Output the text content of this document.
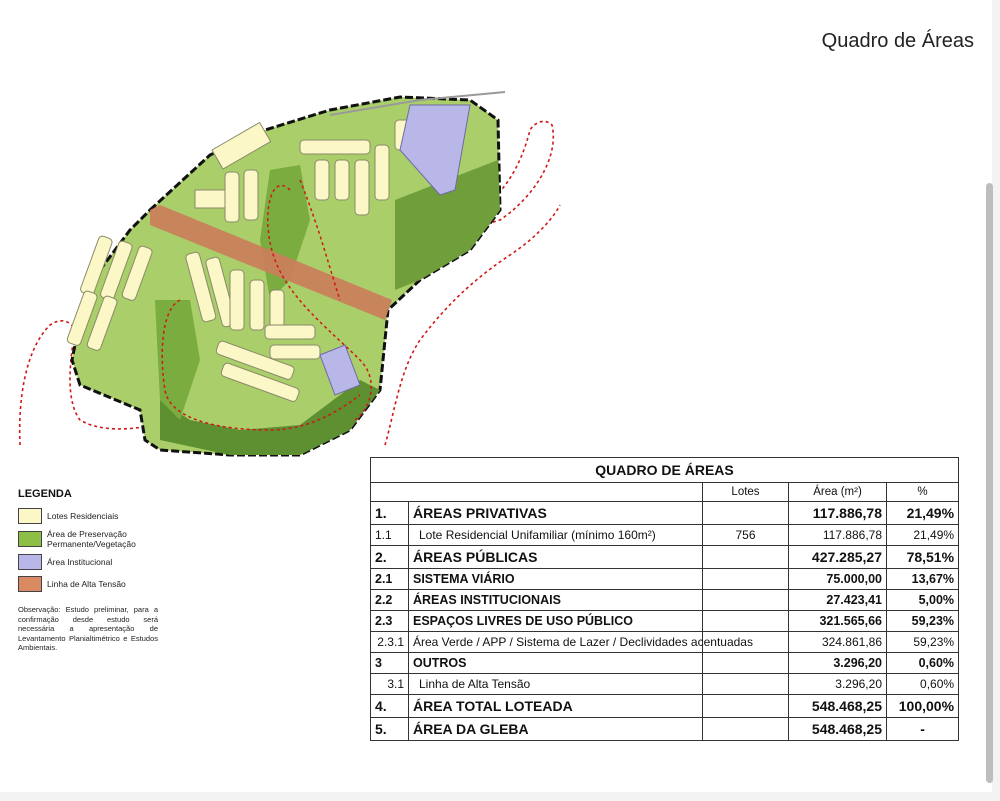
Quadro de Áreas
LEGENDA
Lotes Residenciais
Área de Preservação Permanente/Vegetação
Área Institucional
Linha de Alta Tensão
Observação: Estudo preliminar, para a confirmação desde estudo será necessária a apresentação de Levantamento Planialtimétrico e Estudos Ambientais.
QUADRO DE ÁREAS				
		Lotes	Área (m²)	%
1.	ÁREAS PRIVATIVAS		117.886,78	21,49%
1.1	Lote Residencial Unifamiliar (mínimo 160m²)	756	117.886,78	21,49%
2.	ÁREAS PÚBLICAS		427.285,27	78,51%
2.1	SISTEMA VIÁRIO		75.000,00	13,67%
2.2	ÁREAS INSTITUCIONAIS		27.423,41	5,00%
2.3	ESPAÇOS LIVRES DE USO PÚBLICO		321.565,66	59,23%
2.3.1	Área Verde / APP / Sistema de Lazer / Declividades acentuadas		324.861,86	59,23%
3	OUTROS		3.296,20	0,60%
3.1	Linha de Alta Tensão		3.296,20	0,60%
4.	ÁREA TOTAL LOTEADA		548.468,25	100,00%
5.	ÁREA DA GLEBA		548.468,25	-
